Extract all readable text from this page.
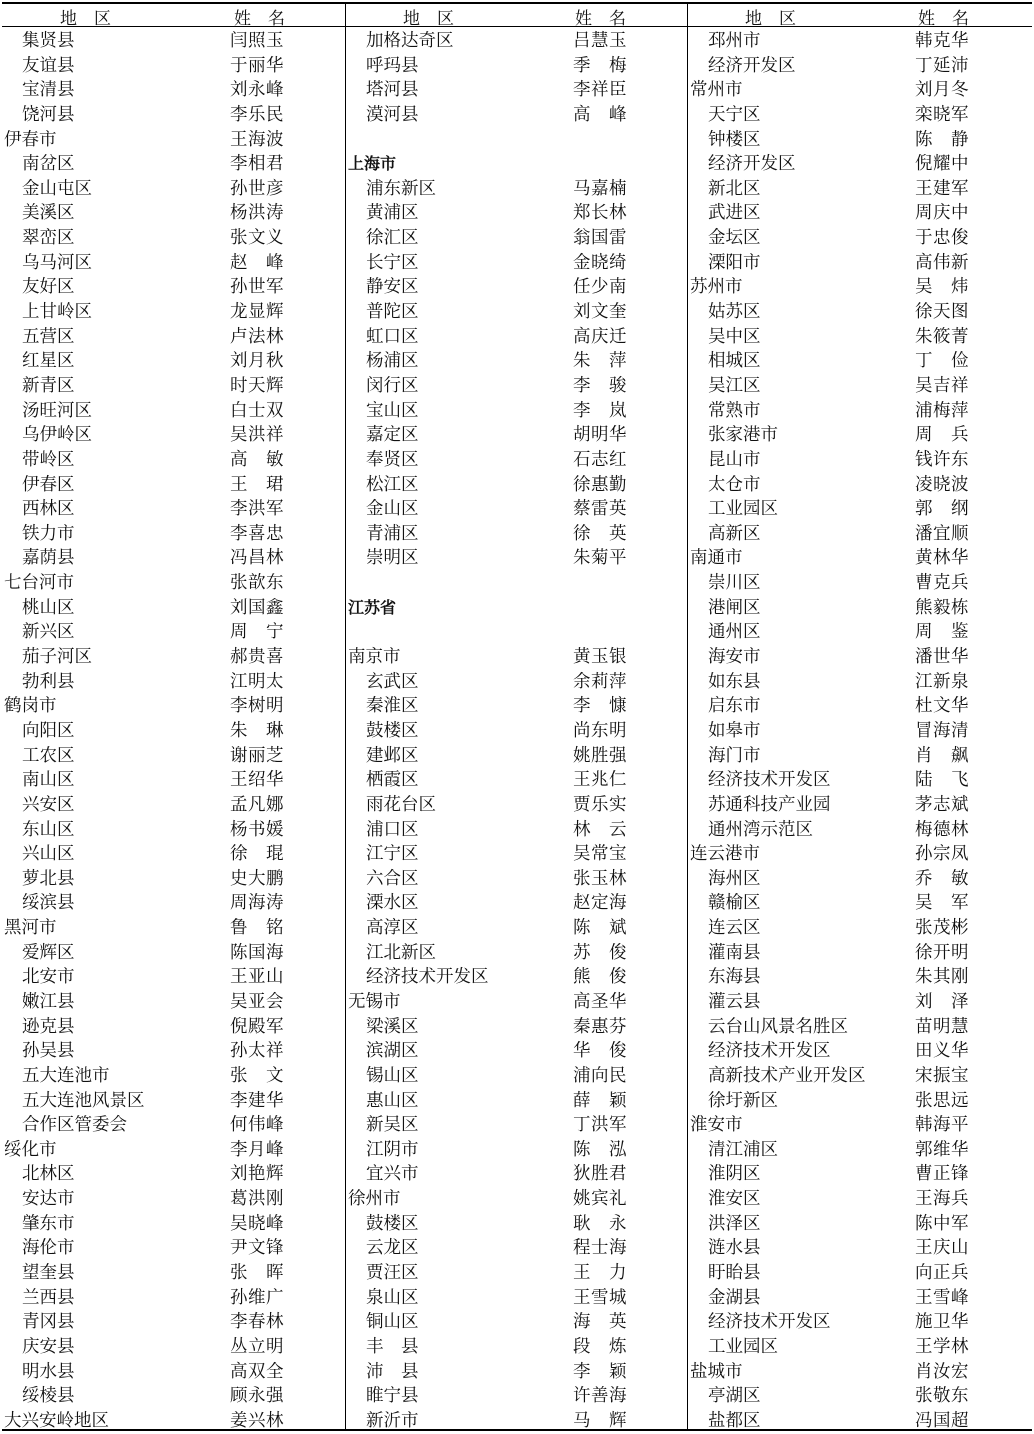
地　区	姓　名
集贤县	闫照玉
友谊县	于丽华
宝清县	刘永峰
饶河县	李乐民
伊春市	王海波
南岔区	李相君
金山屯区	孙世彦
美溪区	杨洪涛
翠峦区	张文义
乌马河区	赵　峰
友好区	孙世军
上甘岭区	龙显辉
五营区	卢法林
红星区	刘月秋
新青区	时天辉
汤旺河区	白士双
乌伊岭区	吴洪祥
带岭区	高　敏
伊春区	王　珺
西林区	李洪军
铁力市	李喜忠
嘉荫县	冯昌林
七台河市	张歆东
桃山区	刘国鑫
新兴区	周　宁
茄子河区	郝贵喜
勃利县	江明太
鹤岗市	李树明
向阳区	朱　琳
工农区	谢丽芝
南山区	王绍华
兴安区	孟凡娜
东山区	杨书媛
兴山区	徐　琨
萝北县	史大鹏
绥滨县	周海涛
黑河市	鲁　铭
爱辉区	陈国海
北安市	王亚山
嫩江县	吴亚会
逊克县	倪殿军
孙吴县	孙太祥
五大连池市	张　文
五大连池风景区	李建华
合作区管委会	何伟峰
绥化市	李月峰
北林区	刘艳辉
安达市	葛洪刚
肇东市	吴晓峰
海伦市	尹文锋
望奎县	张　晖
兰西县	孙维广
青冈县	李春林
庆安县	丛立明
明水县	高双全
绥棱县	顾永强
大兴安岭地区	姜兴林
地　区	姓　名
加格达奇区	吕慧玉
呼玛县	季　梅
塔河县	李祥臣
漠河县	高　峰
上海市
浦东新区	马嘉楠
黄浦区	郑长林
徐汇区	翁国雷
长宁区	金晓绮
静安区	任少南
普陀区	刘文奎
虹口区	高庆迁
杨浦区	朱　萍
闵行区	李　骏
宝山区	李　岚
嘉定区	胡明华
奉贤区	石志红
松江区	徐惠勤
金山区	蔡雷英
青浦区	徐　英
崇明区	朱菊平
江苏省
南京市	黄玉银
玄武区	余莉萍
秦淮区	李　慷
鼓楼区	尚东明
建邺区	姚胜强
栖霞区	王兆仁
雨花台区	贾乐实
浦口区	林　云
江宁区	吴常宝
六合区	张玉林
溧水区	赵定海
高淳区	陈　斌
江北新区	苏　俊
经济技术开发区	熊　俊
无锡市	高圣华
梁溪区	秦惠芬
滨湖区	华　俊
锡山区	浦向民
惠山区	薛　颖
新吴区	丁洪军
江阴市	陈　泓
宜兴市	狄胜君
徐州市	姚宾礼
鼓楼区	耿　永
云龙区	程士海
贾汪区	王　力
泉山区	王雪城
铜山区	海　英
丰　县	段　炼
沛　县	李　颖
睢宁县	许善海
新沂市	马　辉
地　区	姓　名
邳州市	韩克华
经济开发区	丁延沛
常州市	刘月冬
天宁区	栾晓军
钟楼区	陈　静
经济开发区	倪耀中
新北区	王建军
武进区	周庆中
金坛区	于忠俊
溧阳市	高伟新
苏州市	吴　炜
姑苏区	徐天图
吴中区	朱筱菁
相城区	丁　俭
吴江区	吴吉祥
常熟市	浦梅萍
张家港市	周　兵
昆山市	钱许东
太仓市	凌晓波
工业园区	郭　纲
高新区	潘宜顺
南通市	黄林华
崇川区	曹克兵
港闸区	熊毅栋
通州区	周　鉴
海安市	潘世华
如东县	江新泉
启东市	杜文华
如皋市	冒海清
海门市	肖　飙
经济技术开发区	陆　飞
苏通科技产业园	茅志斌
通州湾示范区	梅德林
连云港市	孙宗凤
海州区	乔　敏
赣榆区	吴　军
连云区	张茂彬
灌南县	徐开明
东海县	朱其刚
灌云县	刘　泽
云台山风景名胜区	苗明慧
经济技术开发区	田义华
高新技术产业开发区	宋振宝
徐圩新区	张思远
淮安市	韩海平
清江浦区	郭维华
淮阴区	曹正锋
淮安区	王海兵
洪泽区	陈中军
涟水县	王庆山
盱眙县	向正兵
金湖县	王雪峰
经济技术开发区	施卫华
工业园区	王学林
盐城市	肖汝宏
亭湖区	张敬东
盐都区	冯国超
